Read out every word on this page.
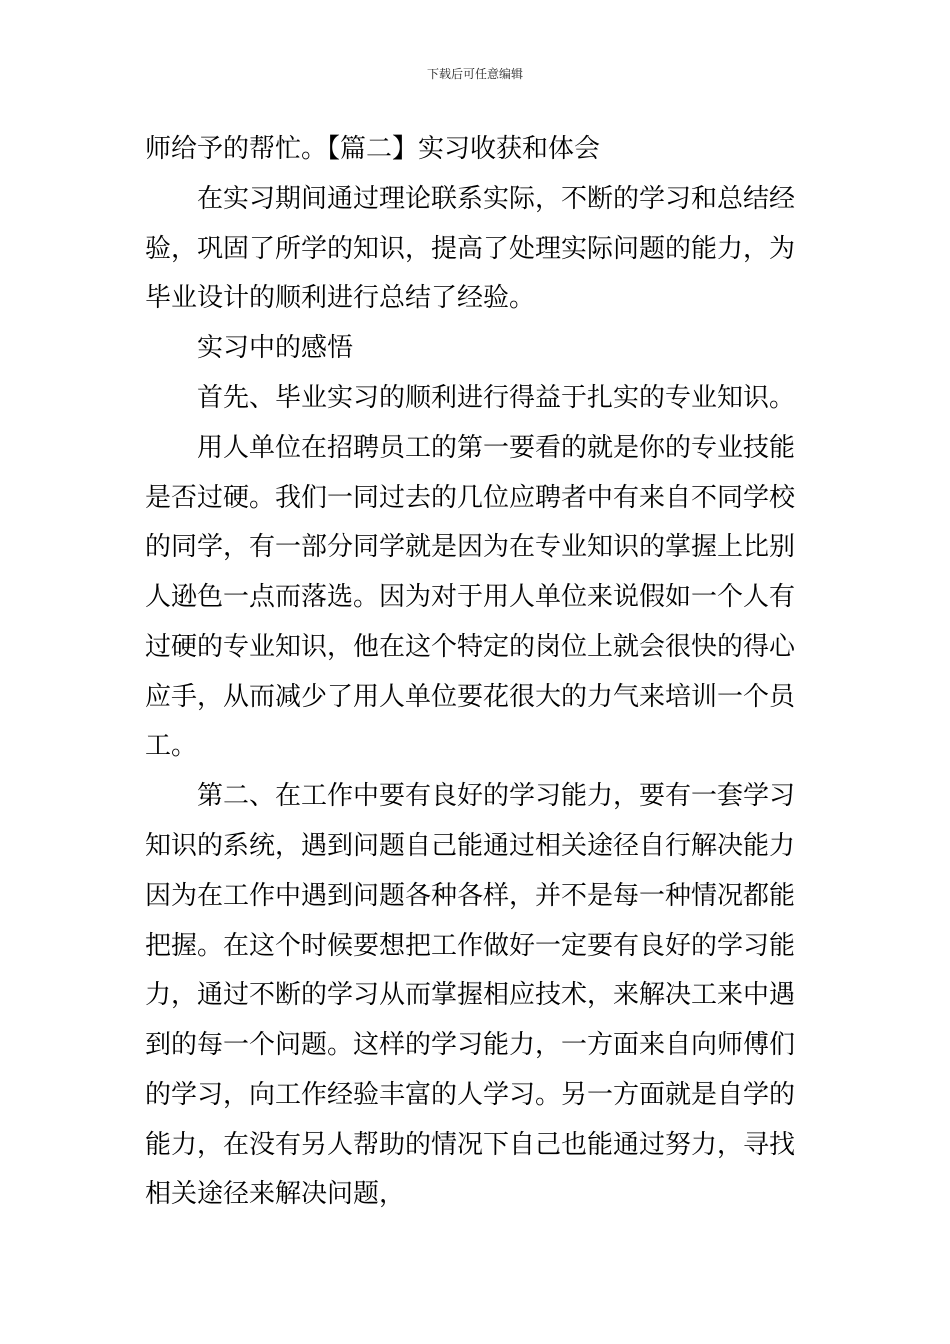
下载后可任意编辑
师给予的帮忙。【篇二】实习收获和体会
在实习期间通过理论联系实际，不断的学习和总结经
验，巩固了所学的知识，提高了处理实际问题的能力，为
毕业设计的顺利进行总结了经验。
实习中的感悟
首先、毕业实习的顺利进行得益于扎实的专业知识。
用人单位在招聘员工的第一要看的就是你的专业技能
是否过硬。我们一同过去的几位应聘者中有来自不同学校
的同学，有一部分同学就是因为在专业知识的掌握上比别
人逊色一点而落选。因为对于用人单位来说假如一个人有
过硬的专业知识，他在这个特定的岗位上就会很快的得心
应手，从而减少了用人单位要花很大的力气来培训一个员
工。
第二、在工作中要有良好的学习能力，要有一套学习
知识的系统，遇到问题自己能通过相关途径自行解决能力
因为在工作中遇到问题各种各样，并不是每一种情况都能
把握。在这个时候要想把工作做好一定要有良好的学习能
力，通过不断的学习从而掌握相应技术，来解决工来中遇
到的每一个问题。这样的学习能力，一方面来自向师傅们
的学习，向工作经验丰富的人学习。另一方面就是自学的
能力，在没有另人帮助的情况下自己也能通过努力，寻找
相关途径来解决问题，
